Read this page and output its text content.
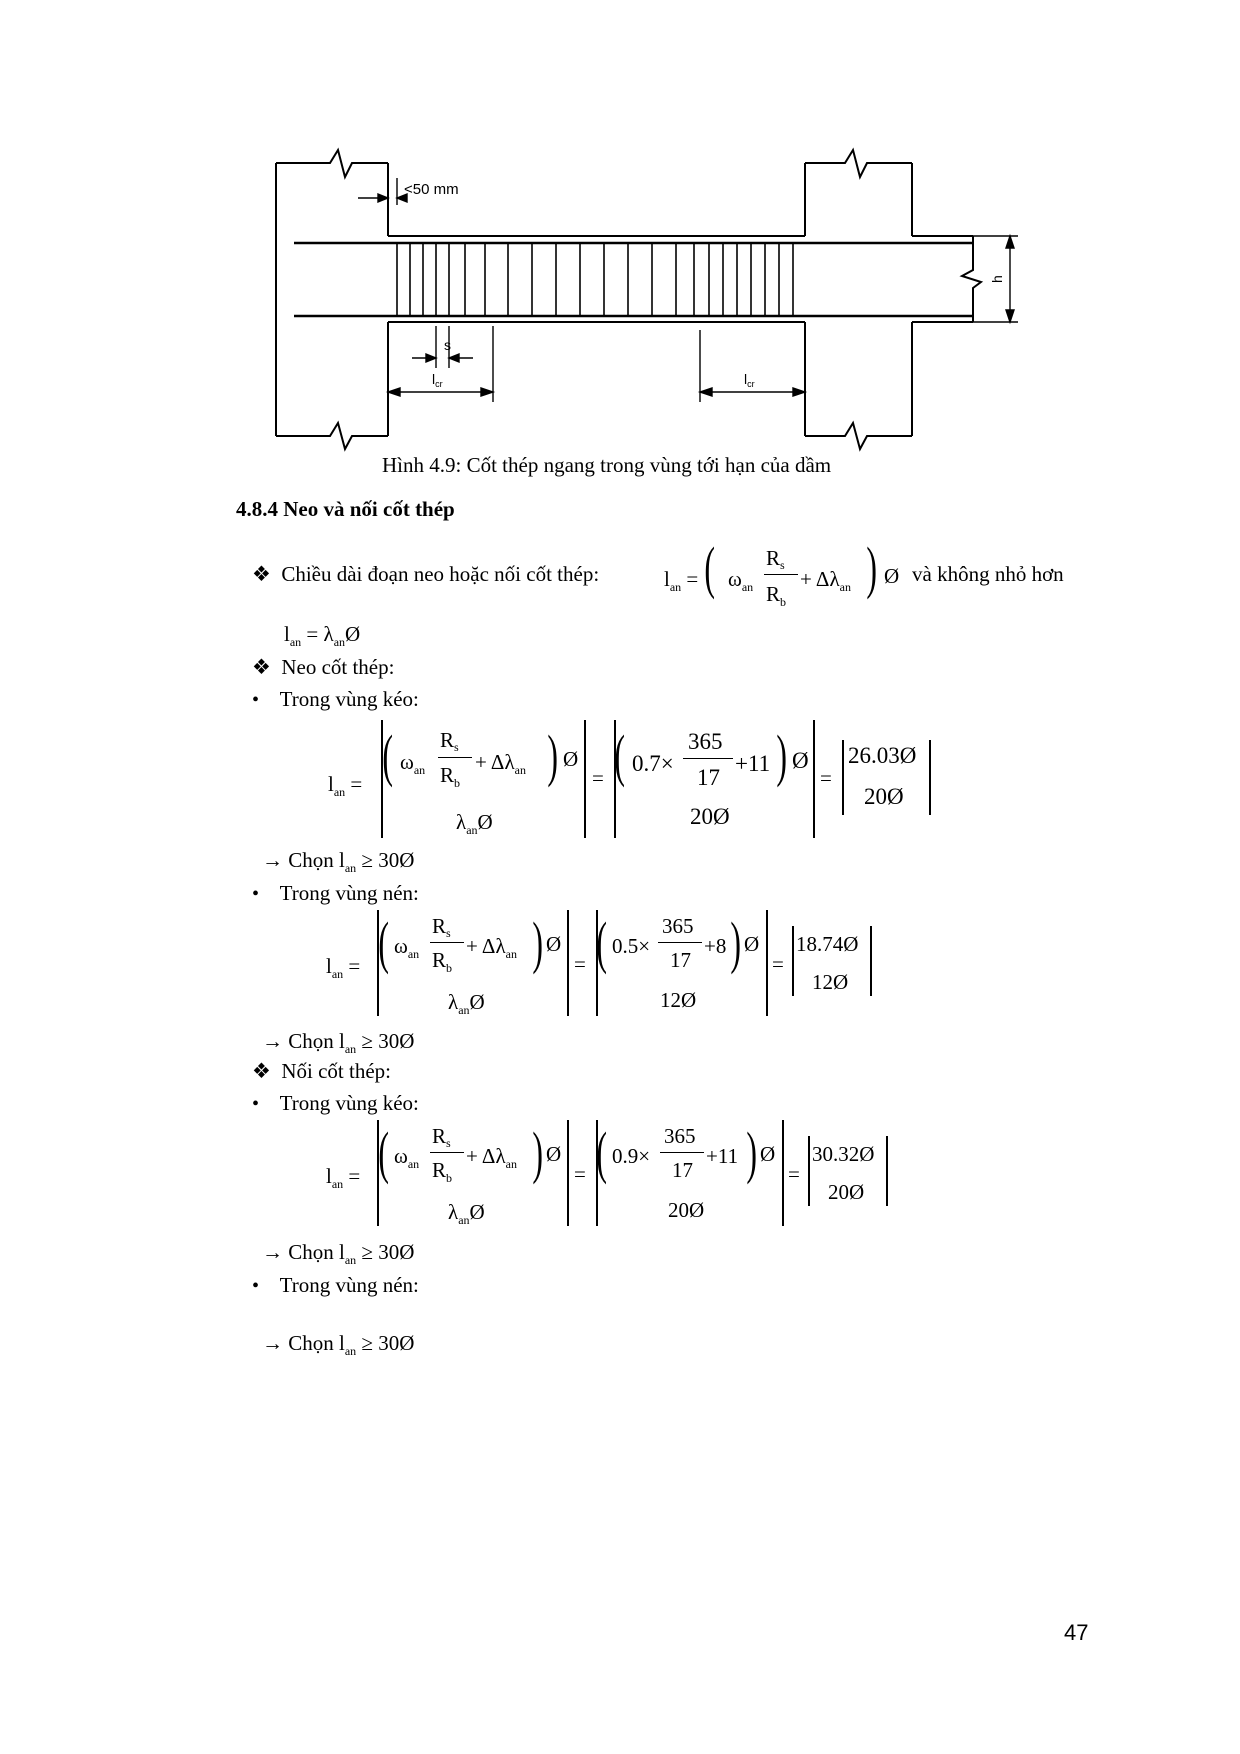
<50 mm
s
$l_{cr}$	$l_{cr}$
h
Hình 4.9: Cốt thép ngang trong vùng tới hạn của dầm
4.8.4 Neo và nối cốt thép
❖ Chiều dài đoạn neo hoặc nối cốt thép:	$l_{an}$ = ( $\omega_{an}$
Rs
$R_b$
+ $\Delta\lambda_{an}$ ) Ø và không nhỏ hơn
$l_{an}$ = $\lambda_{an}Ø$
❖ Neo cốt thép:
• Trong vùng kéo:
$l_{an}$ = ( $\omega_{an}$
Rs
$R_b$
+ $\Delta\lambda_{an}$ ) Ø
$\lambda_{an}Ø$
= ( 0.7×
365
17
+11 ) Ø
20Ø
=
26.03Ø
20Ø
→ Chọn $l_{an}$ ≥ 30Ø
• Trong vùng nén:
$l_{an}$ = ( $\omega_{an}$
Rs
$R_b$
+ $\Delta\lambda_{an}$ ) Ø
$\lambda_{an}Ø$
= ( 0.5×
365
17
+8 ) Ø
12Ø
=
18.74Ø
12Ø
→ Chọn $l_{an}$ ≥ 30Ø
❖ Nối cốt thép:
• Trong vùng kéo:
$l_{an}$ = ( $\omega_{an}$
Rs
$R_b$
+ $\Delta\lambda_{an}$ ) Ø
$\lambda_{an}Ø$
= ( 0.9×
365
17
+11 ) Ø
20Ø
=
30.32Ø
20Ø
→ Chọn $l_{an}$ ≥ 30Ø
• Trong vùng nén:
→ Chọn $l_{an}$ ≥ 30Ø
47
